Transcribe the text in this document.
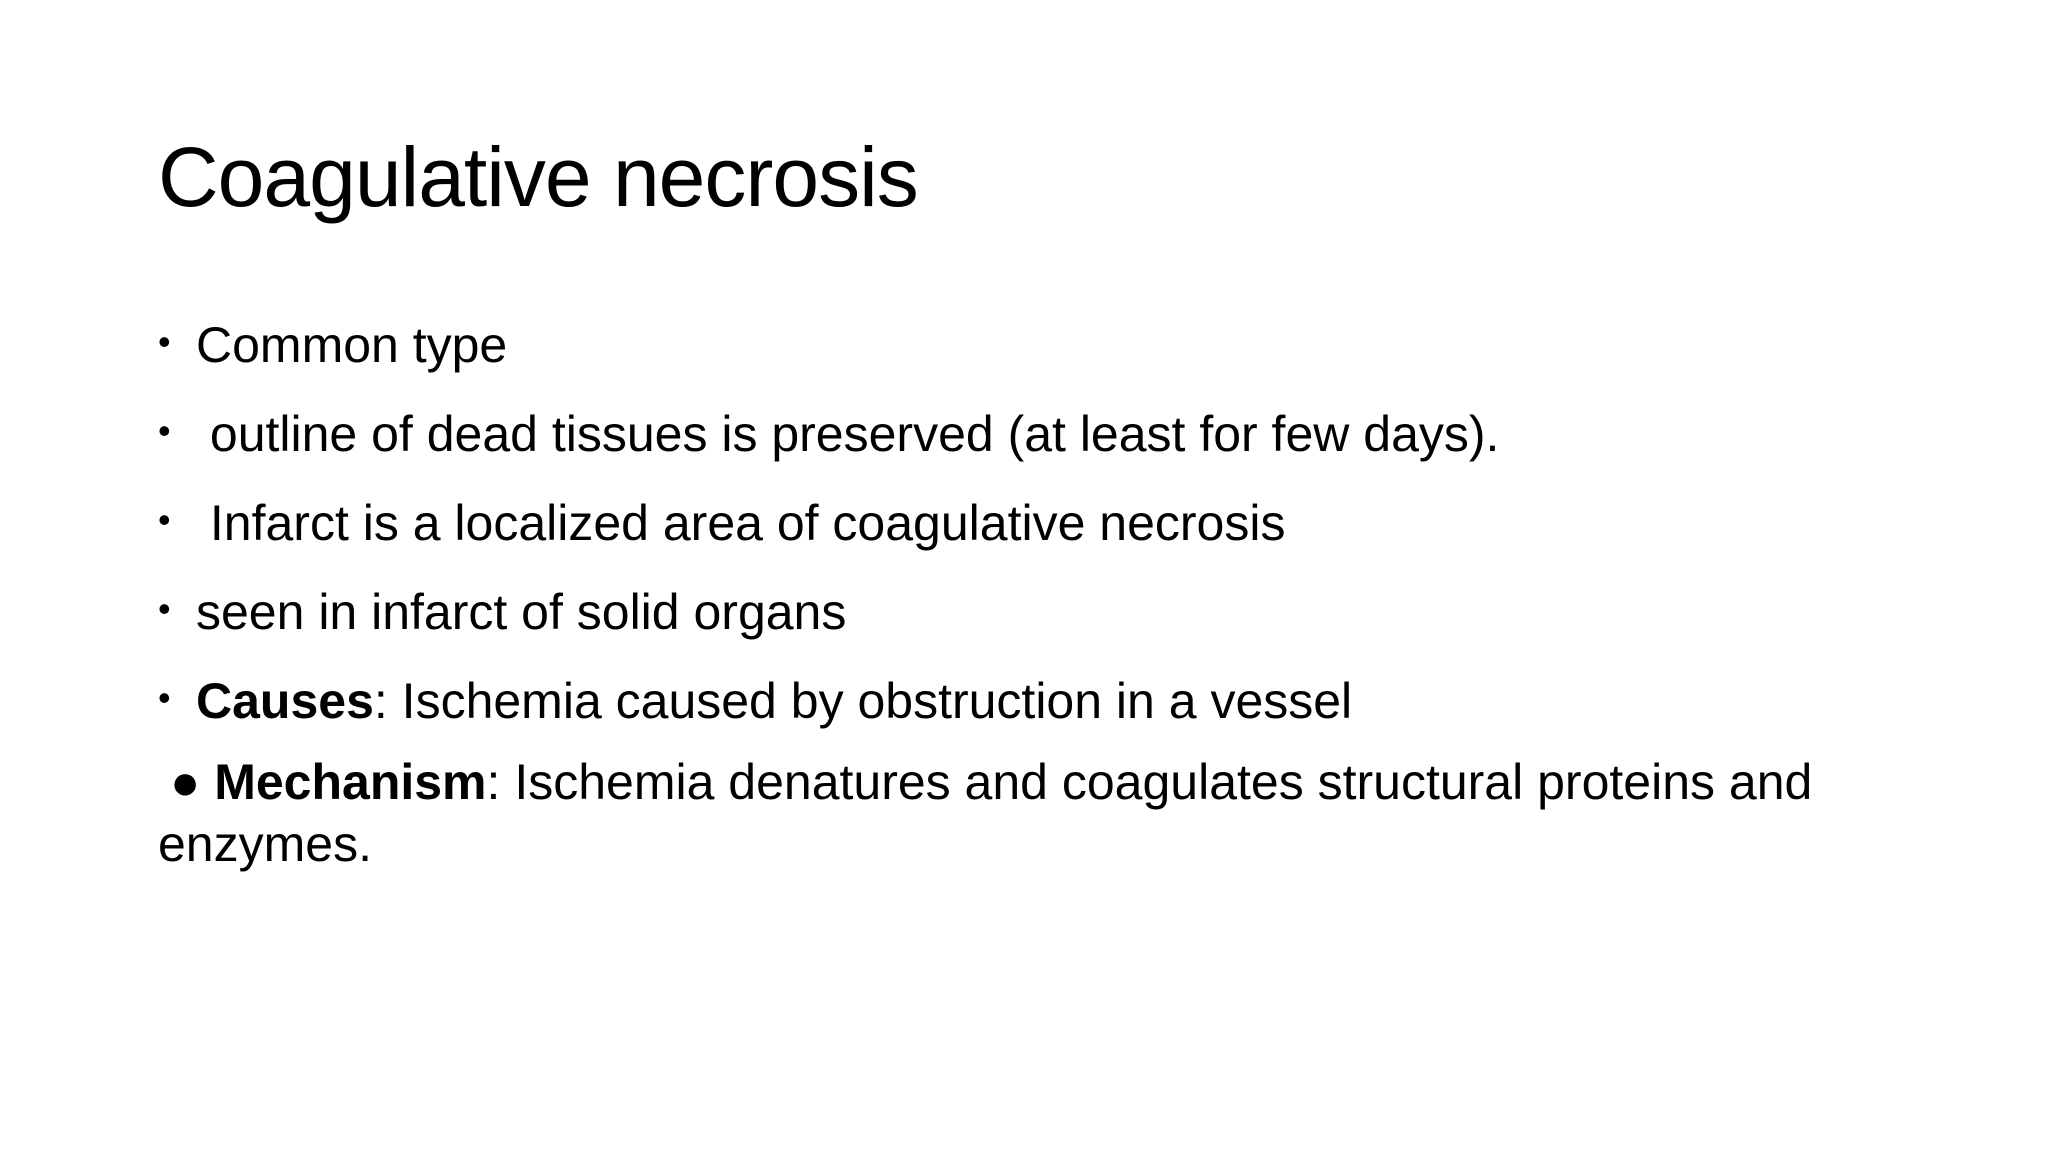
Coagulative necrosis
• Common type
• outline of dead tissues is preserved (at least for few days).
• Infarct is a localized area of coagulative necrosis
• seen in infarct of solid organs
• Causes: Ischemia caused by obstruction in a vessel
● Mechanism: Ischemia denatures and coagulates structural proteins and enzymes.
